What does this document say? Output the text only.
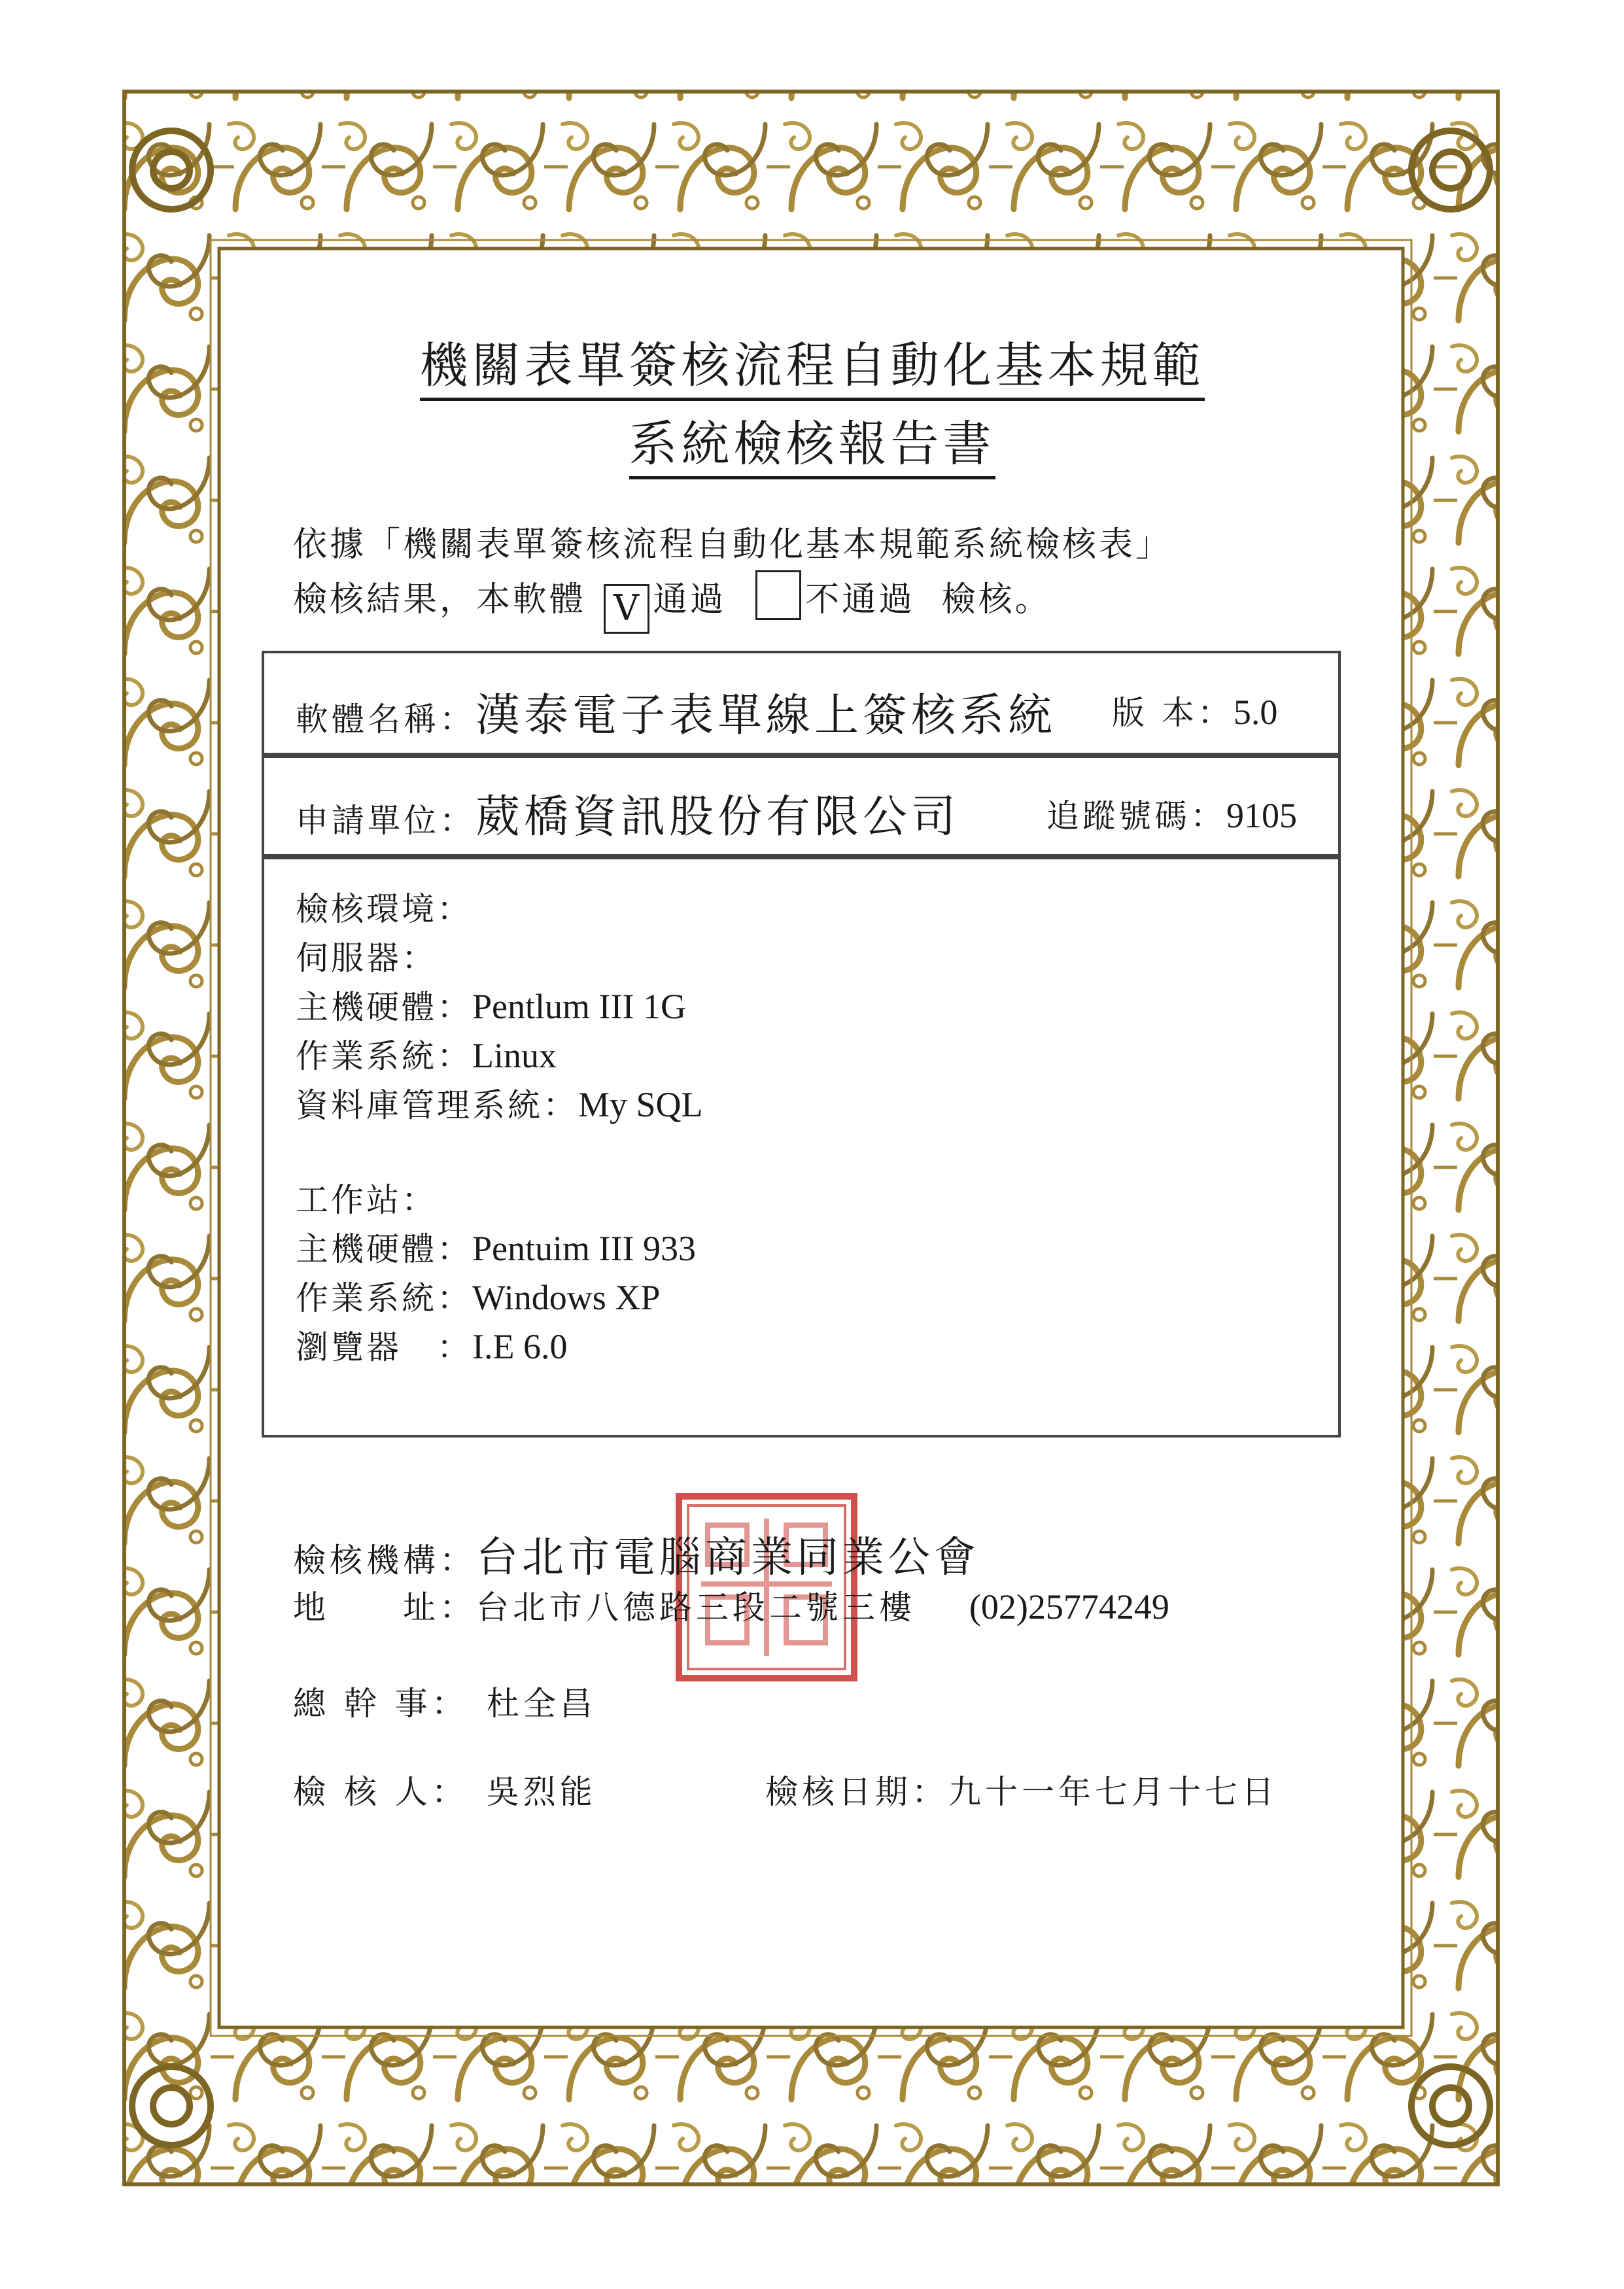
機關表單簽核流程自動化基本規範
系統檢核報告書
依據「機關表單簽核流程自動化基本規範系統檢核表」
檢核結果，本軟體 V 通過 不通過 檢核。
軟體名稱：漢泰電子表單線上簽核系統 版 本：5.0
申請單位：葳橋資訊股份有限公司	追蹤號碼：9105
檢核環境：
伺服器：
主機硬體：Pentlum III 1G
作業系統：Linux
資料庫管理系統：My SQL
工作站：
主機硬體：Pentuim III 933
作業系統：Windows XP
瀏覽器　：I.E 6.0
檢核機構：台北市電腦商業同業公會
地　　址：台北市八德路三段二號三樓 (02)25774249
總 幹 事： 杜全昌
檢 核 人： 吳烈能	檢核日期：九十一年七月十七日
